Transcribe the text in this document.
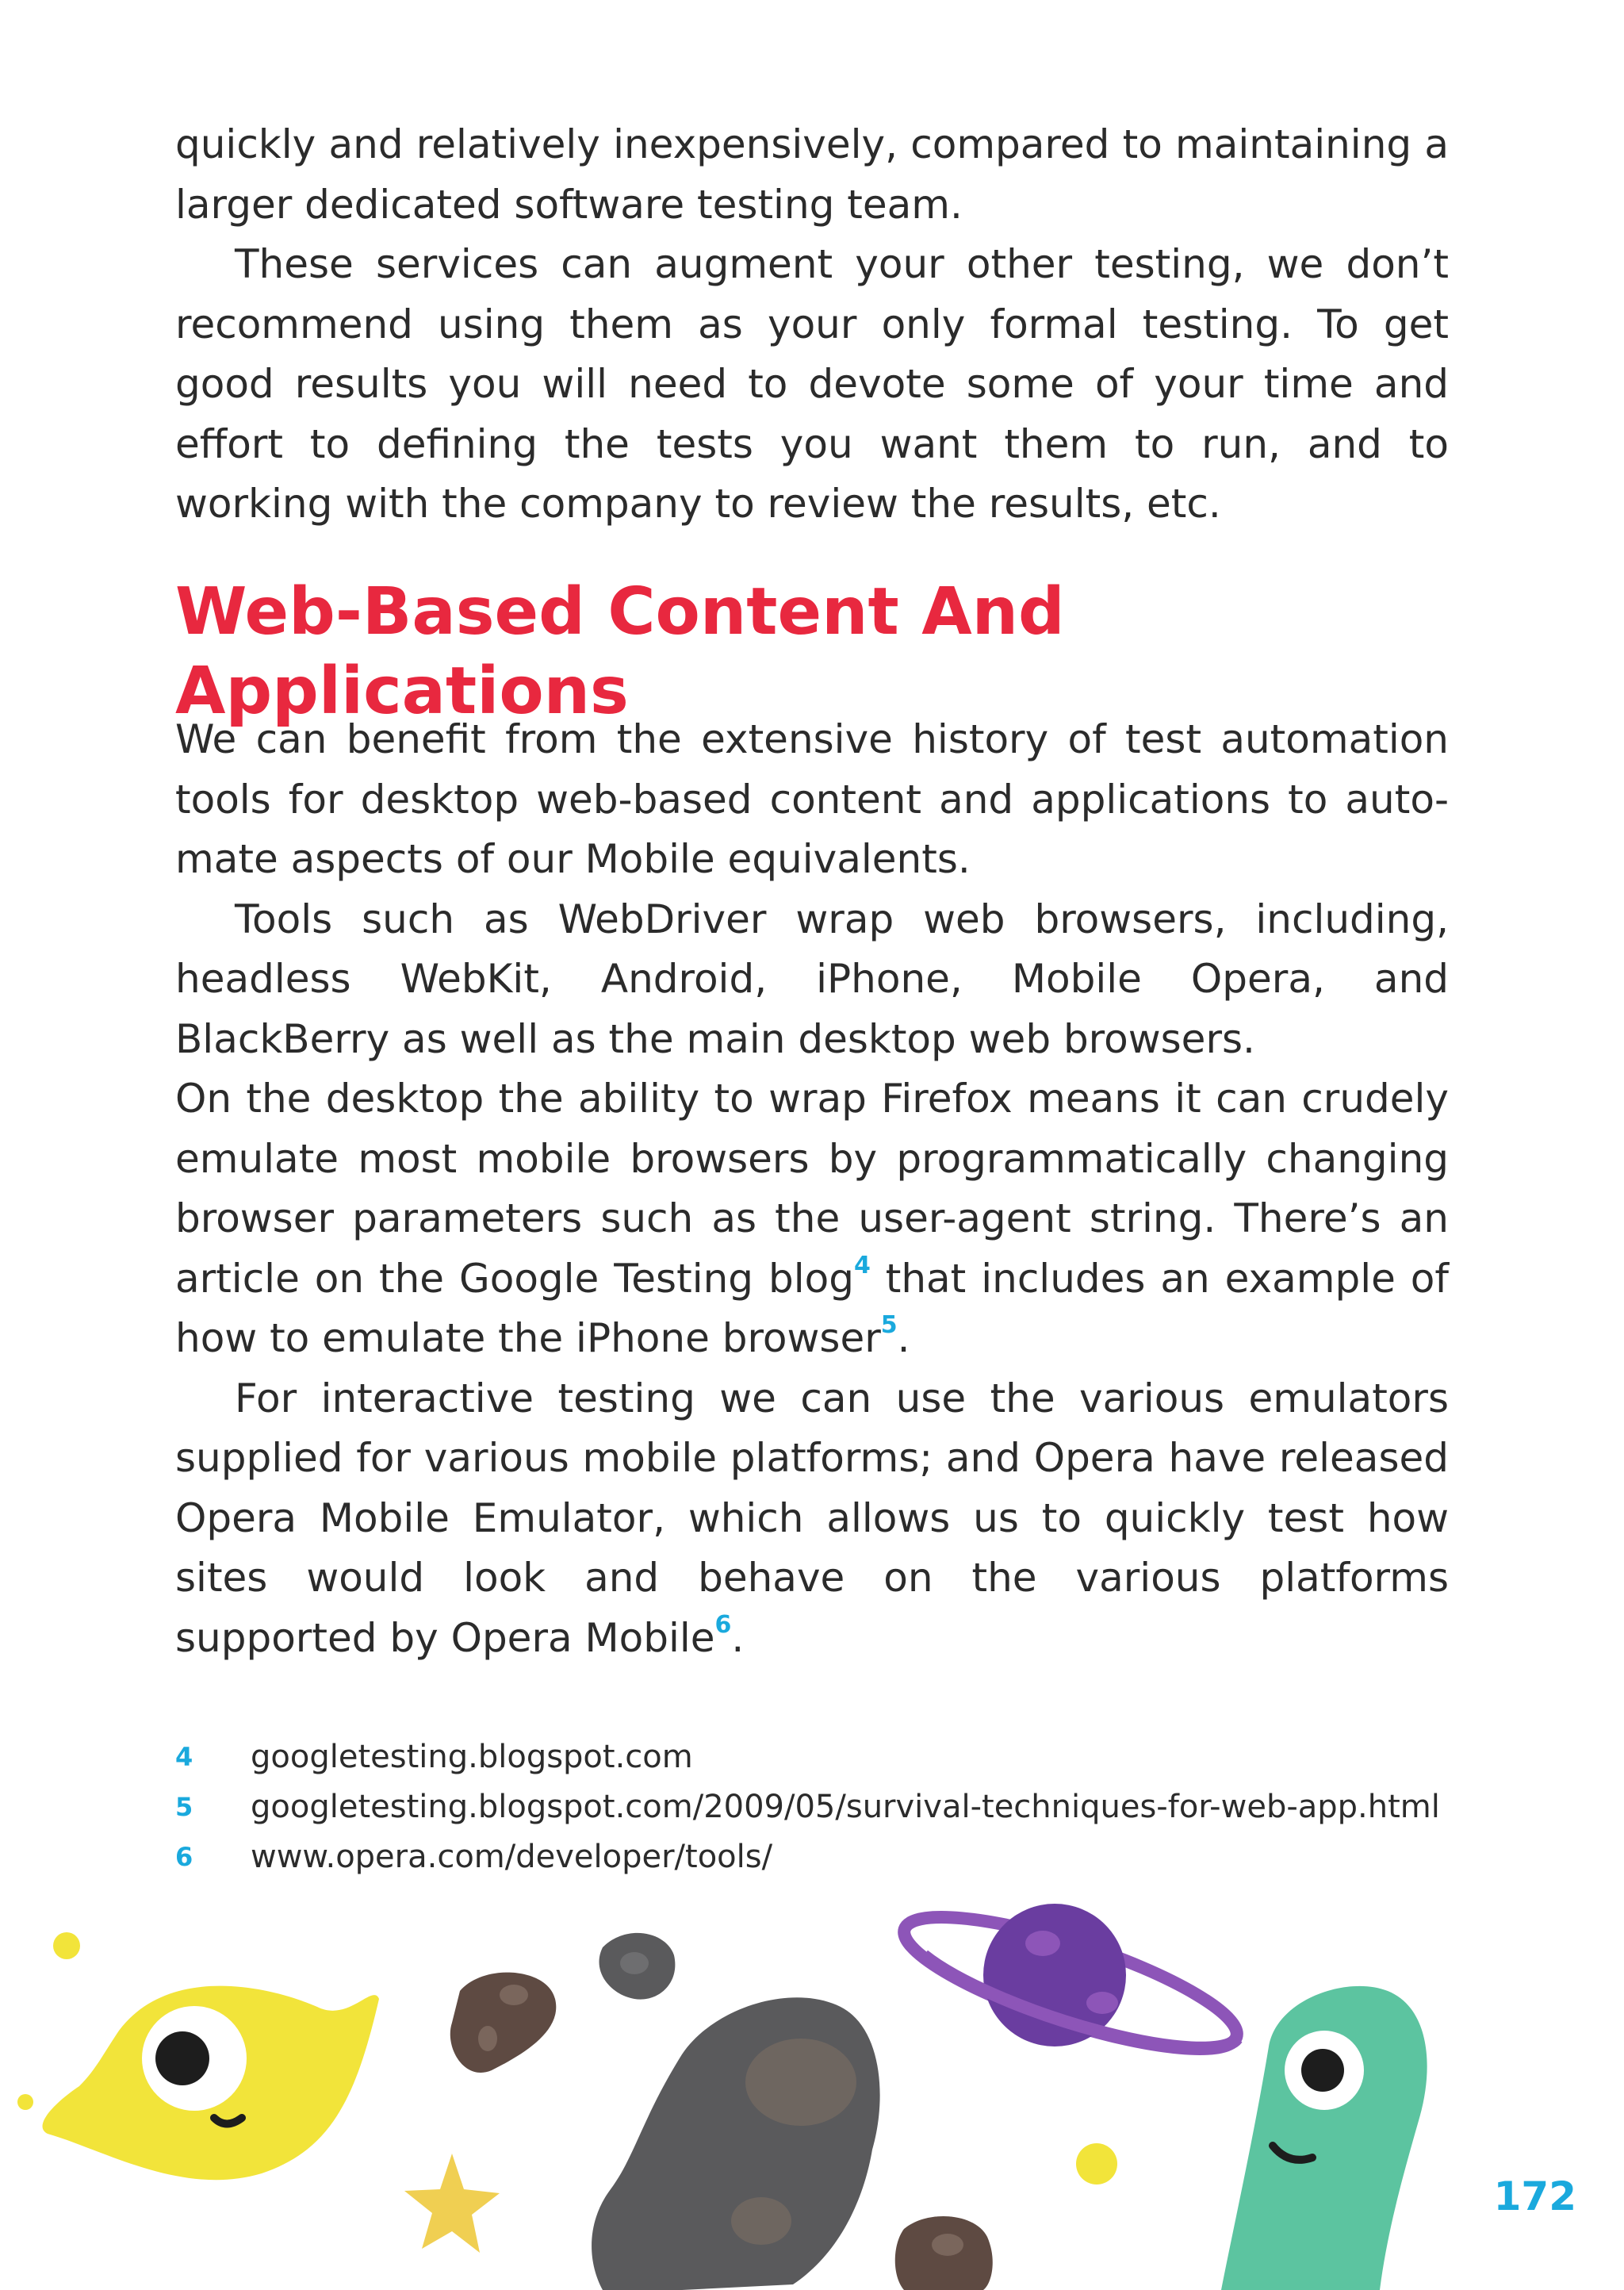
quickly and relatively inexpensively, compared to maintaining a larger dedicated software testing team.

These services can augment your other testing, we don’t recommend using them as your only formal testing. To get good results you will need to devote some of your time and effort to defining the tests you want them to run, and to working with the company to review the results, etc.

Web-Based Content And Applications

We can benefit from the extensive history of test automation tools for desktop web-based content and applications to automate aspects of our Mobile equivalents.

Tools such as WebDriver wrap web browsers, including, headless WebKit, Android, iPhone, Mobile Opera, and BlackBerry as well as the main desktop web browsers.

On the desktop the ability to wrap Firefox means it can crudely emulate most mobile browsers by programmatically changing browser parameters such as the user-agent string. There’s an article on the Google Testing blog$^4$ that includes an example of how to emulate the iPhone browser$^5$.

For interactive testing we can use the various emulators supplied for various mobile platforms; and Opera have released Opera Mobile Emulator, which allows us to quickly test how sites would look and behave on the various platforms supported by Opera Mobile$^6$.

4	googletesting.blogspot.com
5	googletesting.blogspot.com/2009/05/survival-techniques-for-web-app.html
6	www.opera.com/developer/tools/
172
